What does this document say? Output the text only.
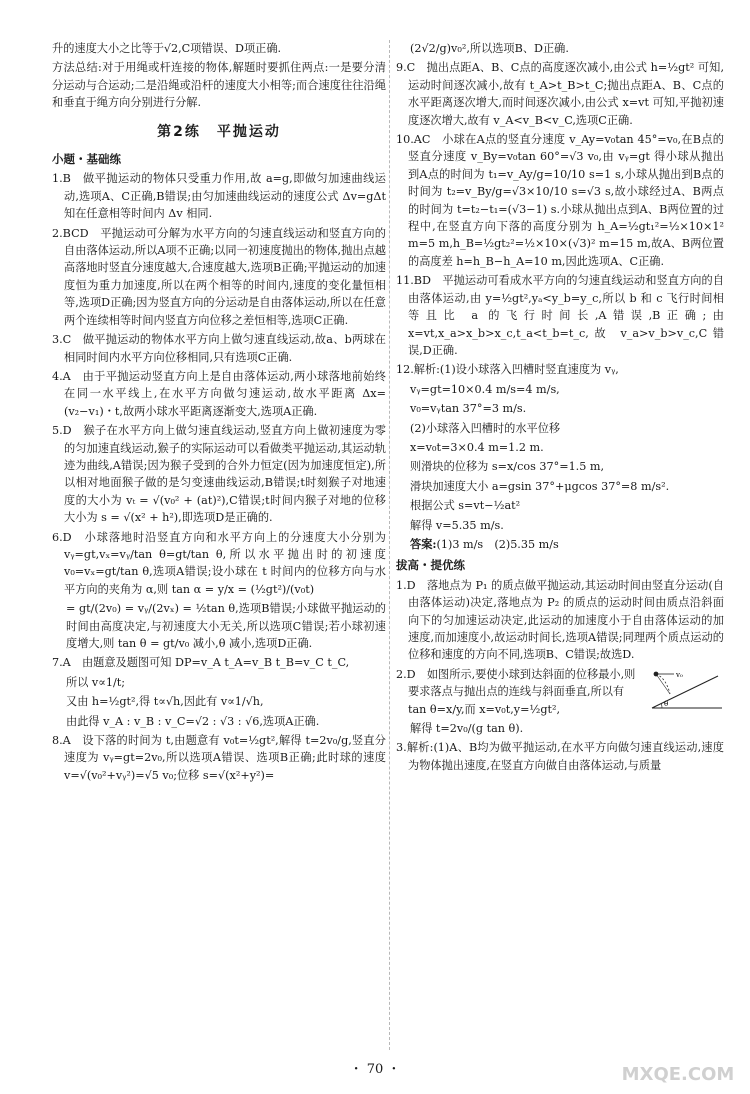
升的速度大小之比等于√2,C项错误、D项正确.

方法总结:对于用绳或杆连接的物体,解题时要抓住两点:一是要分清分运动与合运动;二是沿绳或沿杆的速度大小相等;而合速度往往沿绳和垂直于绳方向分别进行分解.

第2练　平抛运动
小题・基础练

1.B　做平抛运动的物体只受重力作用,故 a=g,即做匀加速曲线运动,选项A、C正确,B错误;由匀加速曲线运动的速度公式 Δv=gΔt 知在任意相等时间内 Δv 相同.

2.BCD　平抛运动可分解为水平方向的匀速直线运动和竖直方向的自由落体运动,所以A项不正确;以同一初速度抛出的物体,抛出点越高落地时竖直分速度越大,合速度越大,选项B正确;平抛运动的加速度恒为重力加速度,所以在两个相等的时间内,速度的变化量恒相等,选项D正确;因为竖直方向的分运动是自由落体运动,所以在任意两个连续相等时间内竖直方向位移之差恒相等,选项C正确.

3.C　做平抛运动的物体水平方向上做匀速直线运动,故a、b两球在相同时间内水平方向位移相同,只有选项C正确.

4.A　由于平抛运动竖直方向上是自由落体运动,两小球落地前始终在同一水平线上,在水平方向做匀速运动,故水平距离 Δx=(v₂−v₁)・t,故两小球水平距离逐渐变大,选项A正确.

5.D　猴子在水平方向上做匀速直线运动,竖直方向上做初速度为零的匀加速直线运动,猴子的实际运动可以看做类平抛运动,其运动轨迹为曲线,A错误;因为猴子受到的合外力恒定(因为加速度恒定),所以相对地面猴子做的是匀变速曲线运动,B错误;t时刻猴子对地速度的大小为 vₜ = √(v₀² + (at)²),C错误;t时间内猴子对地的位移大小为 s = √(x² + h²),即选项D是正确的.

6.D　小球落地时沿竖直方向和水平方向上的分速度大小分别为 vᵧ=gt,vₓ=vᵧ/tan θ=gt/tan θ,所以水平抛出时的初速度 v₀=vₓ=gt/tan θ,选项A错误;设小球在 t 时间内的位移方向与水平方向的夹角为 α,则 tan α = y/x = (½gt²)/(v₀t)

= gt/(2v₀) = vᵧ/(2vₓ) = ½tan θ,选项B错误;小球做平抛运动的时间由高度决定,与初速度大小无关,所以选项C错误;若小球初速度增大,则 tan θ = gt/v₀ 减小,θ 减小,选项D正确.

7.A　由题意及题图可知 DP=v_A t_A=v_B t_B=v_C t_C,

所以 v∝1/t;

又由 h=½gt²,得 t∝√h,因此有 v∝1/√h,

由此得 v_A : v_B : v_C=√2 : √3 : √6,选项A正确.

8.A　设下落的时间为 t,由题意有 v₀t=½gt²,解得 t=2v₀/g,竖直分速度为 vᵧ=gt=2v₀,所以选项A错误、选项B正确;此时球的速度 v=√(v₀²+vᵧ²)=√5 v₀;位移 s=√(x²+y²)=

(2√2/g)v₀²,所以选项B、D正确.

9.C　抛出点距A、B、C点的高度逐次减小,由公式 h=½gt² 可知,运动时间逐次减小,故有 t_A>t_B>t_C;抛出点距A、B、C点的水平距离逐次增大,而时间逐次减小,由公式 x=vt 可知,平抛初速度逐次增大,故有 v_A<v_B<v_C,选项C正确.

10.AC　小球在A点的竖直分速度 v_Ay=v₀tan 45°=v₀,在B点的竖直分速度 v_By=v₀tan 60°=√3 v₀,由 vᵧ=gt 得小球从抛出到A点的时间为 t₁=v_Ay/g=10/10 s=1 s,小球从抛出到B点的时间为 t₂=v_By/g=√3×10/10 s=√3 s,故小球经过A、B两点的时间为 t=t₂−t₁=(√3−1) s.小球从抛出点到A、B两位置的过程中,在竖直方向下落的高度分别为 h_A=½gt₁²=½×10×1² m=5 m,h_B=½gt₂²=½×10×(√3)² m=15 m,故A、B两位置的高度差 h=h_B−h_A=10 m,因此选项A、C正确.

11.BD　平抛运动可看成水平方向的匀速直线运动和竖直方向的自由落体运动,由 y=½gt²,yₐ<y_b=y_c,所以 b 和 c 飞行时间相等且比 a 的飞行时间长,A错误,B正确;由 x=vt,x_a>x_b>x_c,t_a<t_b=t_c,故 v_a>v_b>v_c,C错误,D正确.

12.解析:(1)设小球落入凹槽时竖直速度为 vᵧ,

vᵧ=gt=10×0.4 m/s=4 m/s,

v₀=vᵧtan 37°=3 m/s.

(2)小球落入凹槽时的水平位移

x=v₀t=3×0.4 m=1.2 m.

则滑块的位移为 s=x/cos 37°=1.5 m,

滑块加速度大小 a=gsin 37°+μgcos 37°=8 m/s².

根据公式 s=vt−½at²

解得 v=5.35 m/s.

答案:(1)3 m/s　(2)5.35 m/s

拔高・提优练

1.D　落地点为 P₁ 的质点做平抛运动,其运动时间由竖直分运动(自由落体运动)决定,落地点为 P₂ 的质点的运动时间由质点沿斜面向下的匀加速运动决定,此运动的加速度小于自由落体运动的加速度,而加速度小,故运动时间长,选项A错误;同理两个质点运动的位移和速度的方向不同,选项B、C错误;故选D.

v₀
θ
2.D　如图所示,要使小球到达斜面的位移最小,则要求落点与抛出点的连线与斜面垂直,所以有 tan θ=x/y,而 x=v₀t,y=½gt²,

解得 t=2v₀/(g tan θ).

3.解析:(1)A、B均为做平抛运动,在水平方向做匀速直线运动,速度为物体抛出速度,在竖直方向做自由落体运动,与质量

・ 70 ・	MXQE.COM
